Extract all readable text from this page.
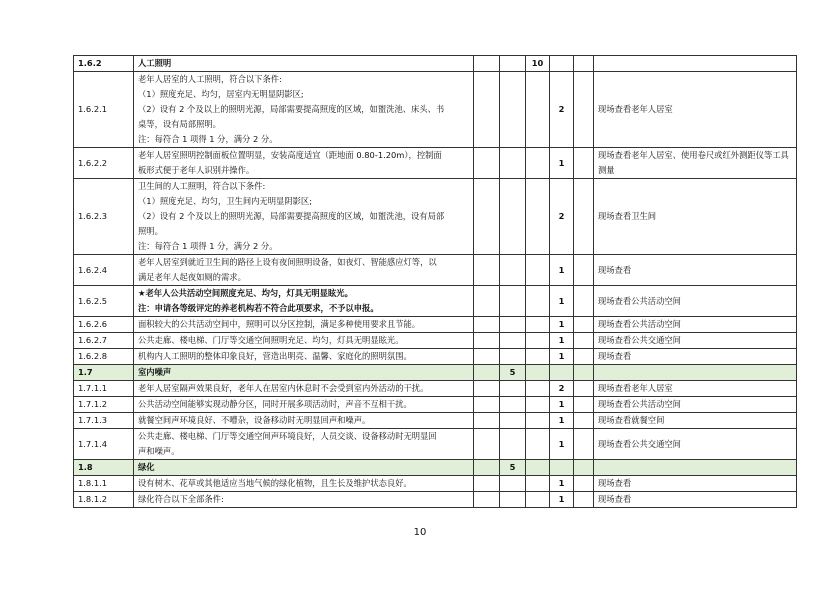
1.6.2	人工照明			10			
1.6.2.1	老年人居室的人工照明，符合以下条件:
（1）照度充足、均匀，居室内无明显阴影区;
（2）设有 2 个及以上的照明光源，局部需要提高照度的区域，如盥洗池、床头、书
桌等，设有局部照明。
注：每符合 1 项得 1 分，满分 2 分。				2		现场查看老年人居室
1.6.2.2	老年人居室照明控制面板位置明显，安装高度适宜（距地面 0.80-1.20m），控制面
板形式便于老年人识别并操作。				1		现场查看老年人居室、使用卷尺或红外测距仪等工具测量
1.6.2.3	卫生间的人工照明，符合以下条件:
（1）照度充足、均匀，卫生间内无明显阴影区;
（2）设有 2 个及以上的照明光源，局部需要提高照度的区域，如盥洗池，设有局部
照明。
注：每符合 1 项得 1 分，满分 2 分。				2		现场查看卫生间
1.6.2.4	老年人居室到就近卫生间的路径上设有夜间照明设备，如夜灯、智能感应灯等，以
满足老年人起夜如厕的需求。				1		现场查看
1.6.2.5	★老年人公共活动空间照度充足、均匀，灯具无明显眩光。
注：申请各等级评定的养老机构若不符合此项要求，不予以申报。				1		现场查看公共活动空间
1.6.2.6	面积较大的公共活动空间中，照明可以分区控制，满足多种使用要求且节能。				1		现场查看公共活动空间
1.6.2.7	公共走廊、楼电梯、门厅等交通空间照明充足、均匀，灯具无明显眩光。				1		现场查看公共交通空间
1.6.2.8	机构内人工照明的整体印象良好，营造出明亮、温馨、家庭化的照明氛围。				1		现场查看
1.7	室内噪声		5				
1.7.1.1	老年人居室隔声效果良好，老年人在居室内休息时不会受到室内外活动的干扰。				2		现场查看老年人居室
1.7.1.2	公共活动空间能够实现动静分区，同时开展多项活动时，声音不互相干扰。				1		现场查看公共活动空间
1.7.1.3	就餐空间声环境良好、不嘈杂，设备移动时无明显回声和噪声。				1		现场查看就餐空间
1.7.1.4	公共走廊、楼电梯、门厅等交通空间声环境良好，人员交谈、设备移动时无明显回
声和噪声。				1		现场查看公共交通空间
1.8	绿化		5				
1.8.1.1	设有树木、花草或其他适应当地气候的绿化植物，且生长及维护状态良好。				1		现场查看
1.8.1.2	绿化符合以下全部条件:				1		现场查看
10
